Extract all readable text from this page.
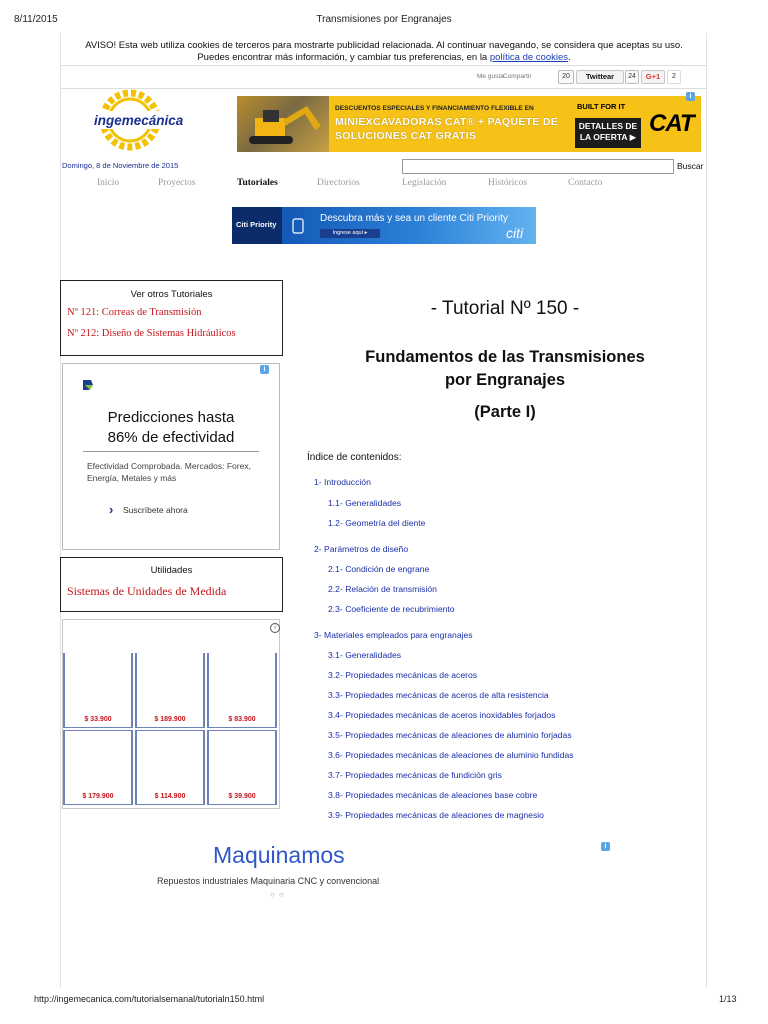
8/11/2015	Transmisiones por Engranajes
AVISO! Esta web utiliza cookies de terceros para mostrarte publicidad relacionada. Al continuar navegando, se considera que aceptas su uso.
Puedes encontrar más información, y cambiar tus preferencias, en la política de cookies.
Me gusta Compartir	20	Twittear	24	G+1	2
ingemecánica
DESCUENTOS ESPECIALES Y FINANCIAMIENTO FLEXIBLE EN
MINIEXCAVADORAS CAT® + PAQUETE DE
SOLUCIONES CAT GRATIS
BUILT FOR IT
DETALLES DE
LA OFERTA ▶ CAT
i
Domingo, 8 de Noviembre de 2015	Buscar
Inicio	Proyectos	Tutoriales	Directorios	Legislación	Históricos	Contacto
Citi Priority
Descubra más y sea un cliente Citi Priority
Ingrese aquí ▸	citi
Ver otros Tutoriales
Nº 121: Correas de Transmisión
Nº 212: Diseño de Sistemas Hidráulicos
i
Predicciones hasta
86% de efectividad
Efectividad Comprobada. Mercados: Forex, Energía, Metales y más
› Suscríbete ahora
Utilidades
Sistemas de Unidades de Medida
i
$ 33.900	$ 189.900	$ 83.900
$ 179.900	$ 114.900	$ 39.900
- Tutorial Nº 150 -
Fundamentos de las Transmisiones
por Engranajes
(Parte I)
Índice de contenidos:
1- Introducción
1.1- Generalidades
1.2- Geometría del diente
2- Parámetros de diseño
2.1- Condición de engrane
2.2- Relación de transmisión
2.3- Coeficiente de recubrimiento
3- Materiales empleados para engranajes
3.1- Generalidades
3.2- Propiedades mecánicas de aceros
3.3- Propiedades mecánicas de aceros de alta resistencia
3.4- Propiedades mecánicas de aceros inoxidables forjados
3.5- Propiedades mecánicas de aleaciones de aluminio forjadas
3.6- Propiedades mecánicas de aleaciones de aluminio fundidas
3.7- Propiedades mecánicas de fundición gris
3.8- Propiedades mecánicas de aleaciones base cobre
3.9- Propiedades mecánicas de aleaciones de magnesio
Maquinamos
Repuestos industriales Maquinaria CNC y convencional
○○
i
http://ingemecanica.com/tutorialsemanal/tutorialn150.html	1/13
